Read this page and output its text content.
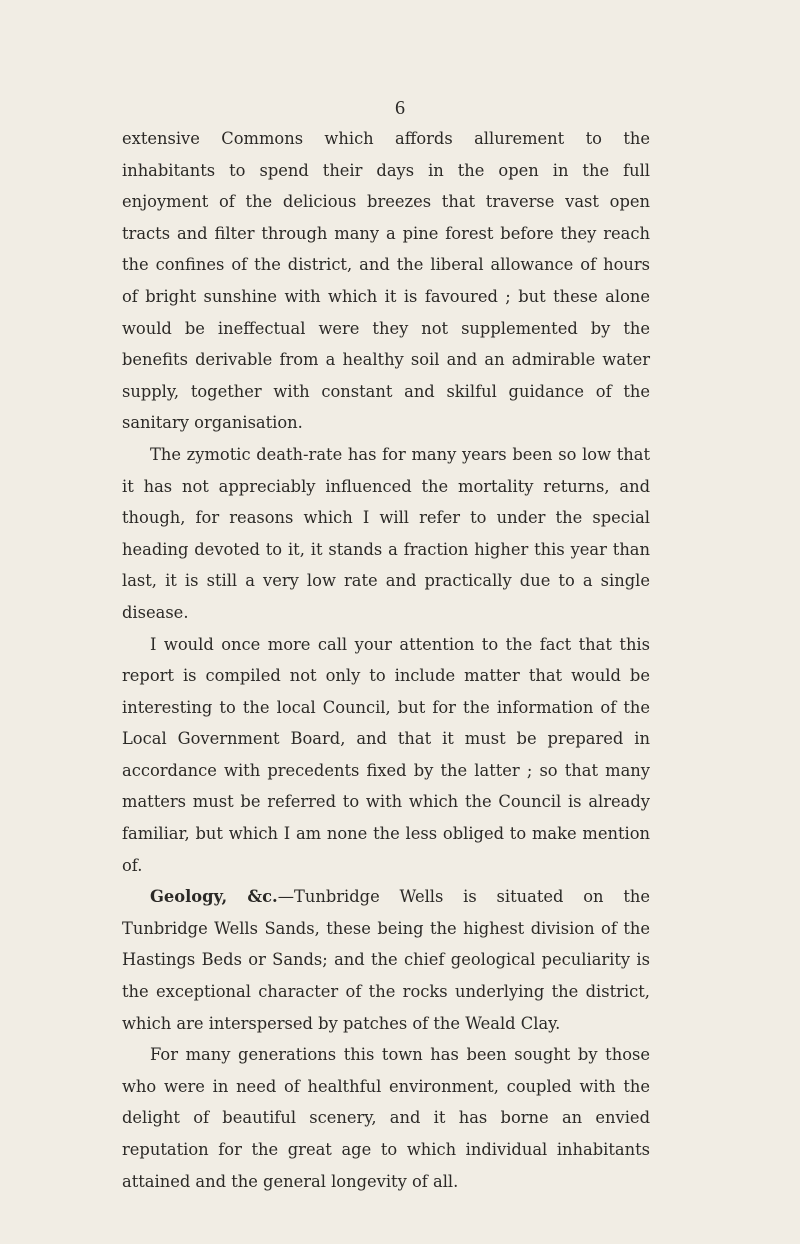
6

extensive Commons which affords allurement to the inhabitants to spend their days in the open in the full enjoyment of the delicious breezes that traverse vast open tracts and filter through many a pine forest before they reach the confines of the district, and the liberal allowance of hours of bright sunshine with which it is favoured ; but these alone would be ineffectual were they not supplemented by the benefits derivable from a healthy soil and an admirable water supply, together with constant and skilful guidance of the sanitary organisation.

The zymotic death-rate has for many years been so low that it has not appreciably influenced the mortality returns, and though, for reasons which I will refer to under the special heading devoted to it, it stands a fraction higher this year than last, it is still a very low rate and practically due to a single disease.

I would once more call your attention to the fact that this report is compiled not only to include matter that would be interesting to the local Council, but for the information of the Local Government Board, and that it must be prepared in accordance with precedents fixed by the latter ; so that many matters must be referred to with which the Council is already familiar, but which I am none the less obliged to make mention of.

Geology, &c.—Tunbridge Wells is situated on the Tunbridge Wells Sands, these being the highest division of the Hastings Beds or Sands; and the chief geological peculiarity is the exceptional character of the rocks underlying the district, which are interspersed by patches of the Weald Clay.

For many generations this town has been sought by those who were in need of healthful environment, coupled with the delight of beautiful scenery, and it has borne an envied reputation for the great age to which individual inhabitants attained and the general longevity of all.
